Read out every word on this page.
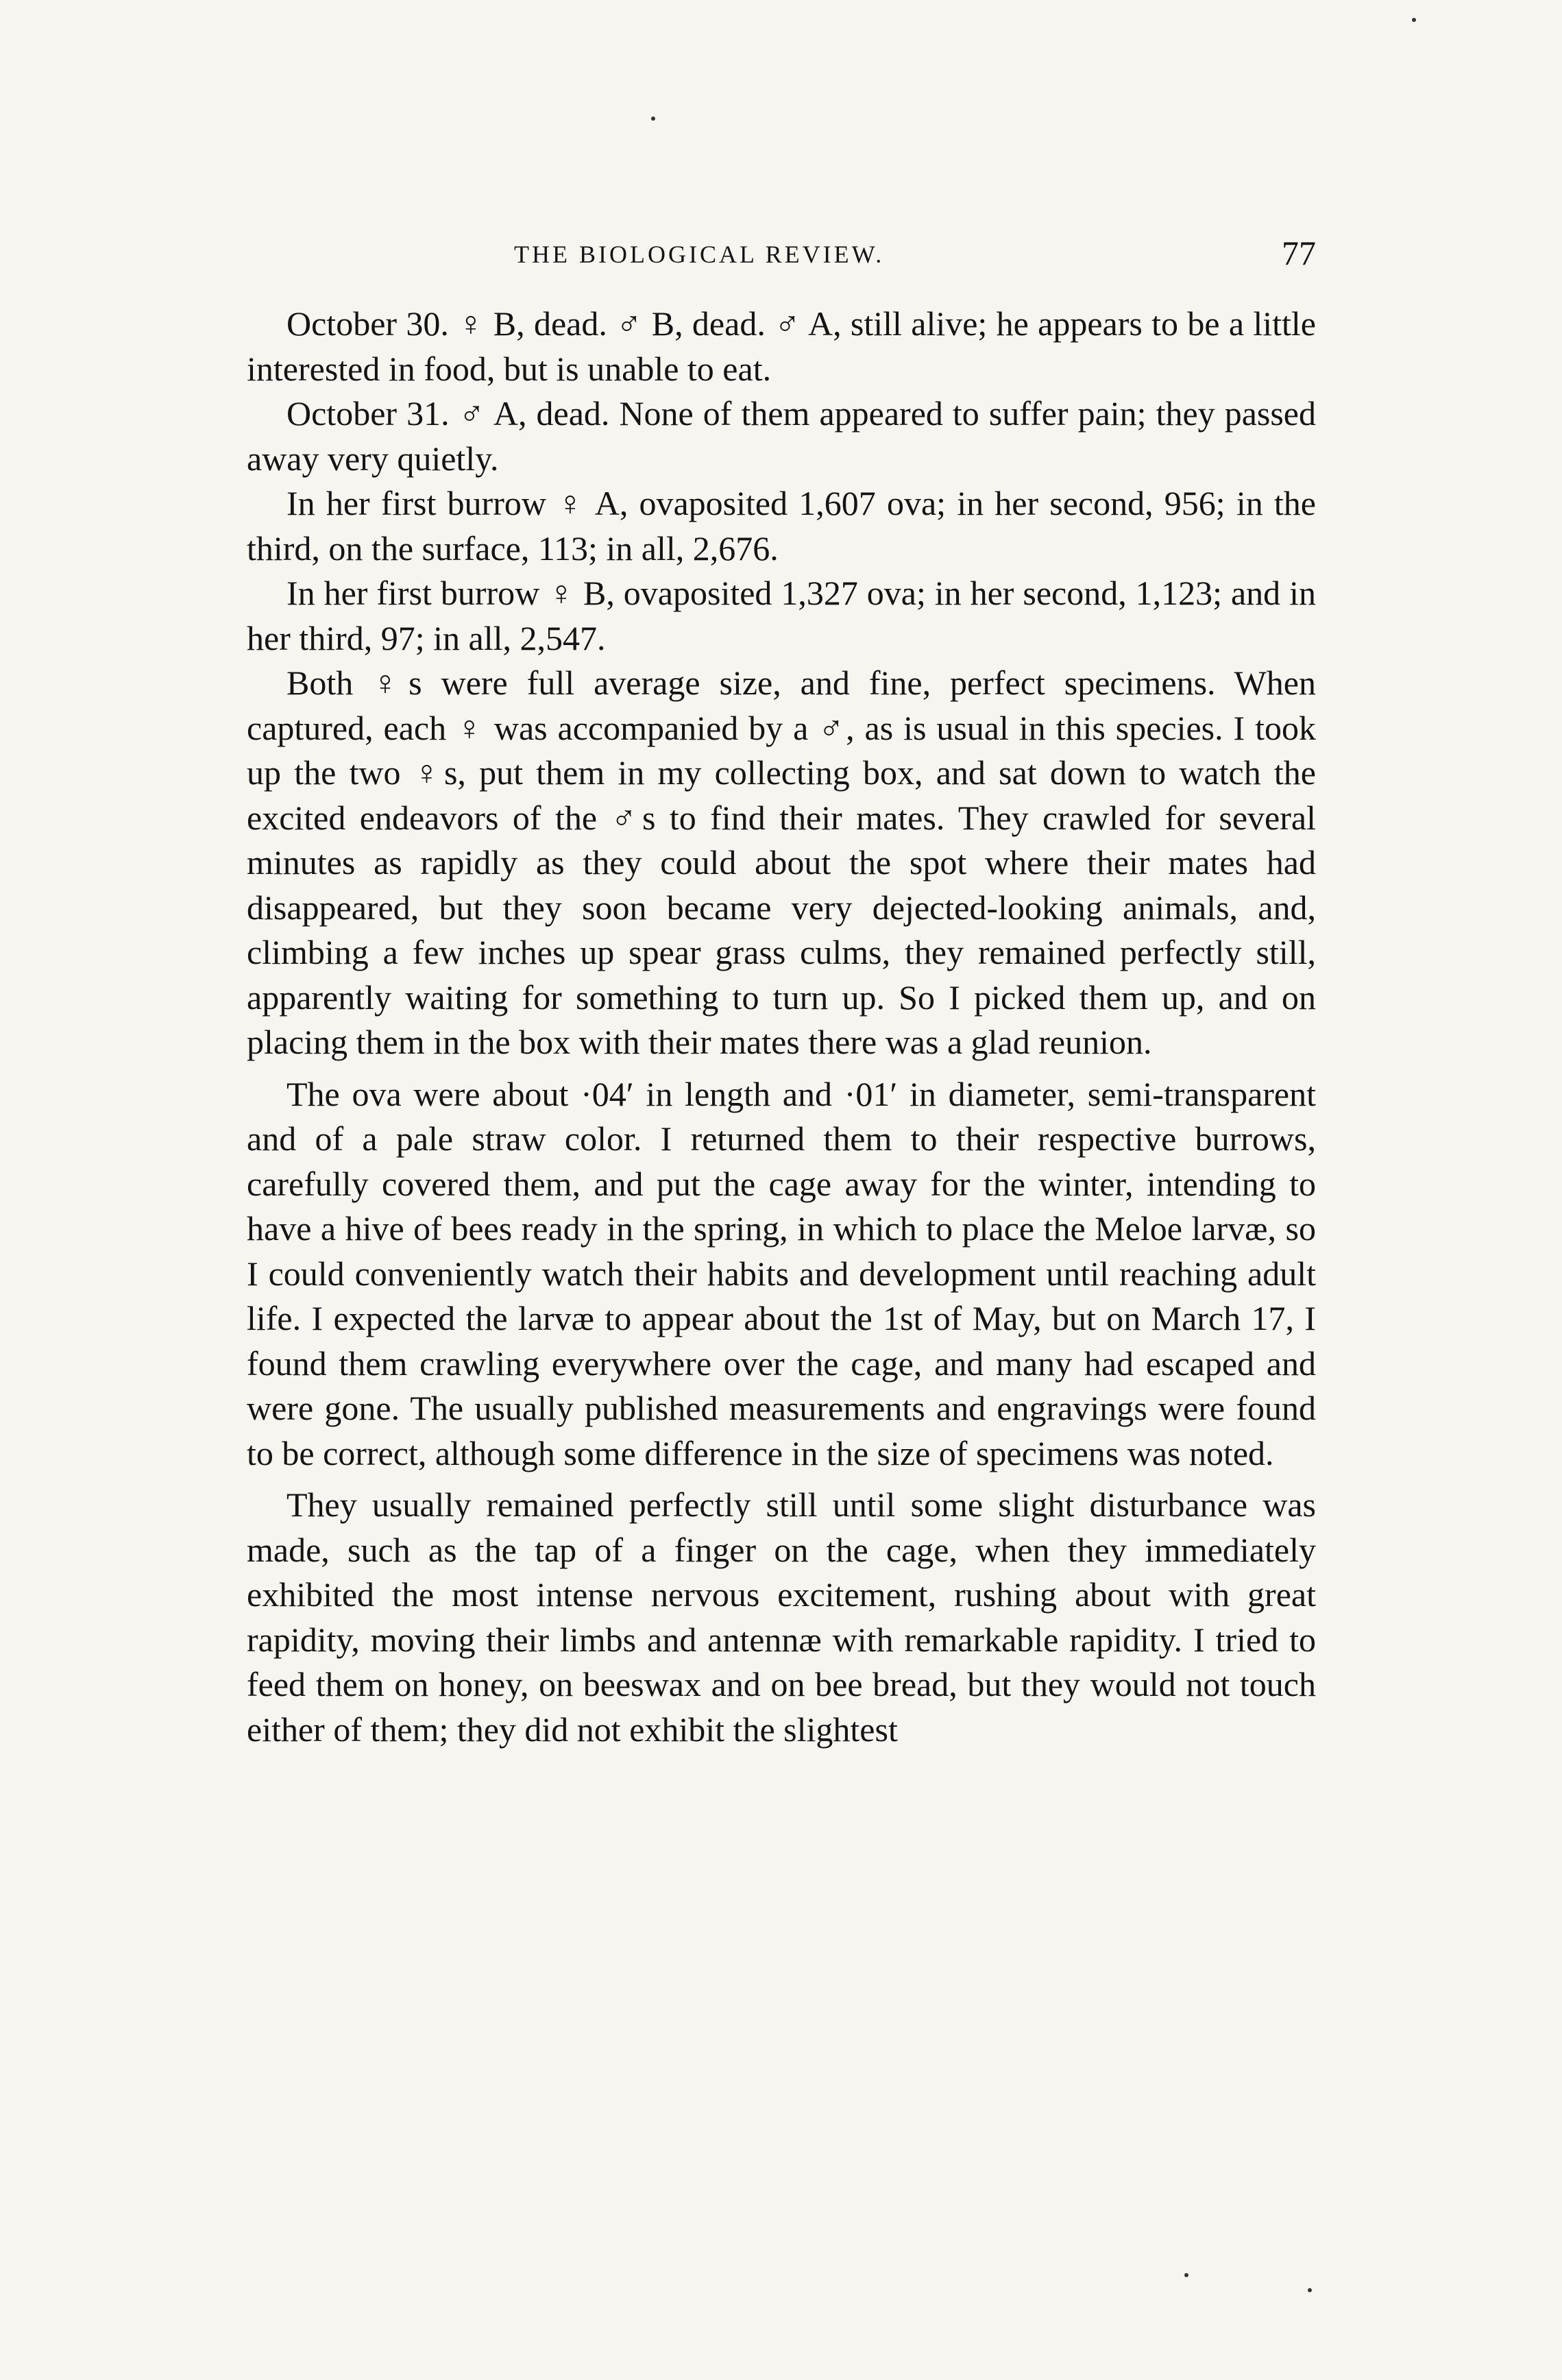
THE BIOLOGICAL REVIEW.	77

October 30. ♀ B, dead. ♂ B, dead. ♂ A, still alive; he appears to be a little interested in food, but is unable to eat.

October 31. ♂ A, dead. None of them appeared to suffer pain; they passed away very quietly.

In her first burrow ♀ A, ovaposited 1,607 ova; in her second, 956; in the third, on the surface, 113; in all, 2,676.

In her first burrow ♀ B, ovaposited 1,327 ova; in her second, 1,123; and in her third, 97; in all, 2,547.

Both ♀s were full average size, and fine, perfect specimens. When captured, each ♀ was accompanied by a ♂, as is usual in this species. I took up the two ♀s, put them in my collecting box, and sat down to watch the excited endeavors of the ♂s to find their mates. They crawled for several minutes as rapidly as they could about the spot where their mates had disappeared, but they soon became very dejected-looking animals, and, climbing a few inches up spear grass culms, they remained perfectly still, apparently waiting for something to turn up. So I picked them up, and on placing them in the box with their mates there was a glad reunion.

The ova were about ·04′ in length and ·01′ in diameter, semi-transparent and of a pale straw color. I returned them to their respective burrows, carefully covered them, and put the cage away for the winter, intending to have a hive of bees ready in the spring, in which to place the Meloe larvæ, so I could conveniently watch their habits and development until reaching adult life. I expected the larvæ to appear about the 1st of May, but on March 17, I found them crawling everywhere over the cage, and many had escaped and were gone. The usually published measurements and engravings were found to be correct, although some difference in the size of specimens was noted.

They usually remained perfectly still until some slight disturbance was made, such as the tap of a finger on the cage, when they immediately exhibited the most intense nervous excitement, rushing about with great rapidity, moving their limbs and antennæ with remarkable rapidity. I tried to feed them on honey, on beeswax and on bee bread, but they would not touch either of them; they did not exhibit the slightest
